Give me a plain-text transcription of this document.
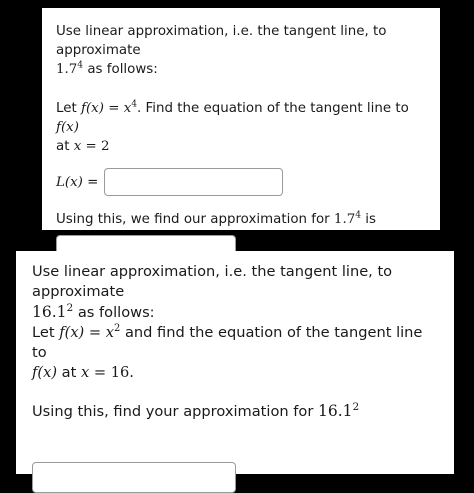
Use linear approximation, i.e. the tangent line, to approximate
$1.7^4$ as follows:

Let $f(x) = x^4$. Find the equation of the tangent line to f(x)
at x = 2

L(x) =

Using this, we find our approximation for $1.7^4$ is

Use linear approximation, i.e. the tangent line, to approximate
16.1$^2$ as follows:
Let $f(x) = x^2$ and find the equation of the tangent line to
f(x) at x = 16.

Using this, find your approximation for 16.1$^2$
